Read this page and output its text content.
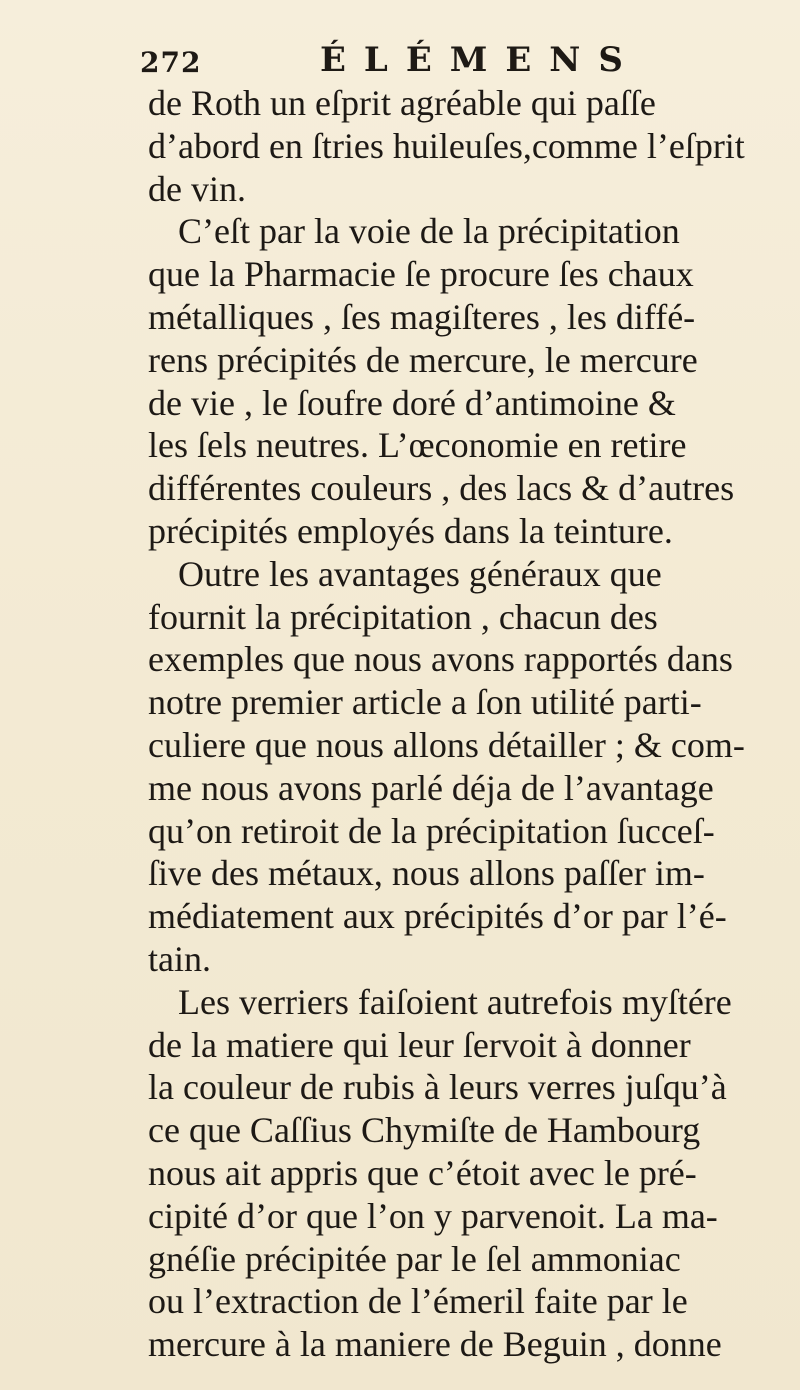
272	ÉLÉMENS
de Roth un eſprit agréable qui paſſe
d’abord en ſtries huileuſes,comme l’eſprit
de vin.
C’eſt par la voie de la précipitation
que la Pharmacie ſe procure ſes chaux
métalliques , ſes magiſteres , les diffé-
rens précipités de mercure, le mercure
de vie , le ſoufre doré d’antimoine &
les ſels neutres. L’œconomie en retire
différentes couleurs , des lacs & d’autres
précipités employés dans la teinture.
Outre les avantages généraux que
fournit la précipitation , chacun des
exemples que nous avons rapportés dans
notre premier article a ſon utilité parti-
culiere que nous allons détailler ; & com-
me nous avons parlé déja de l’avantage
qu’on retiroit de la précipitation ſucceſ-
ſive des métaux, nous allons paſſer im-
médiatement aux précipités d’or par l’é-
tain.
Les verriers faiſoient autrefois myſtére
de la matiere qui leur ſervoit à donner
la couleur de rubis à leurs verres juſqu’à
ce que Caſſius Chymiſte de Hambourg
nous ait appris que c’étoit avec le pré-
cipité d’or que l’on y parvenoit. La ma-
gnéſie précipitée par le ſel ammoniac
ou l’extraction de l’émeril faite par le
mercure à la maniere de Beguin , donne
